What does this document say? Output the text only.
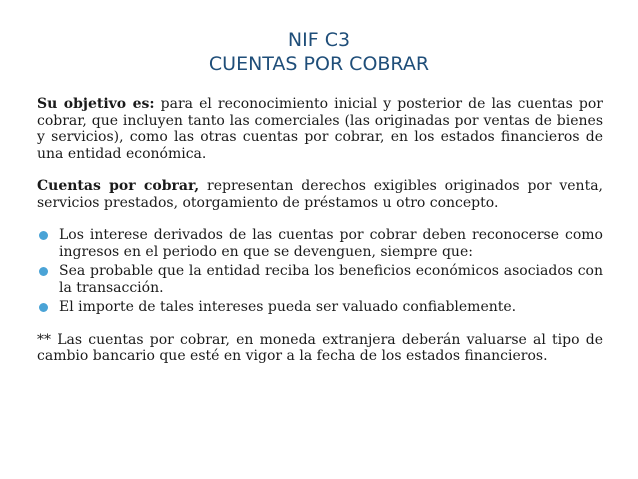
NIF C3
CUENTAS POR COBRAR

Su objetivo es: para el reconocimiento inicial y posterior de las cuentas por cobrar, que incluyen tanto las comerciales (las originadas por ventas de bienes y servicios), como las otras cuentas por cobrar, en los estados financieros de una entidad económica.

Cuentas por cobrar, representan derechos exigibles originados por venta, servicios prestados, otorgamiento de préstamos u otro concepto.

Los interese derivados de las cuentas por cobrar deben reconocerse como ingresos en el periodo en que se devenguen, siempre que:
Sea probable que la entidad reciba los beneficios económicos asociados con la transacción.
El importe de tales intereses pueda ser valuado confiablemente.

** Las cuentas por cobrar, en moneda extranjera deberán valuarse al tipo de cambio bancario que esté en vigor a la fecha de los estados financieros.
